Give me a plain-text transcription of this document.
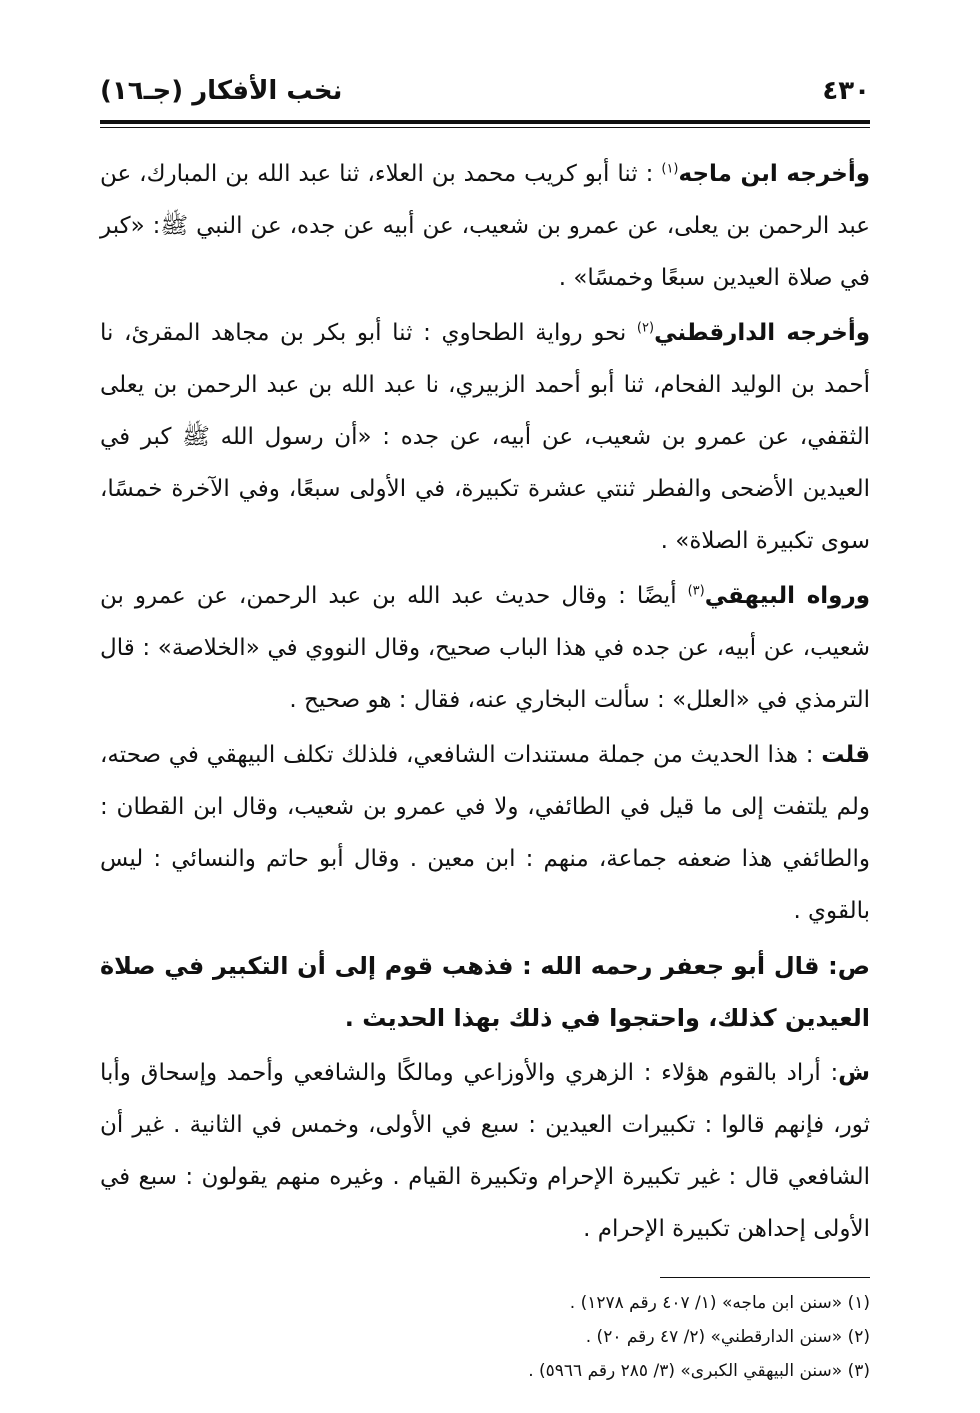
٤٣٠
نخب الأفكار (جـ١٦)

وأخرجه ابن ماجه$^{(١)}$ : ثنا أبو كريب محمد بن العلاء، ثنا عبد الله بن المبارك، عن عبد الرحمن بن يعلى، عن عمرو بن شعيب، عن أبيه عن جده، عن النبي ﷺ: «كبر في صلاة العيدين سبعًا وخمسًا» .

وأخرجه الدارقطني$^{(٢)}$ نحو رواية الطحاوي : ثنا أبو بكر بن مجاهد المقرئ، نا أحمد بن الوليد الفحام، ثنا أبو أحمد الزبيري، نا عبد الله بن عبد الرحمن بن يعلى الثقفي، عن عمرو بن شعيب، عن أبيه، عن جده : «أن رسول الله ﷺ كبر في العيدين الأضحى والفطر ثنتي عشرة تكبيرة، في الأولى سبعًا، وفي الآخرة خمسًا، سوى تكبيرة الصلاة» .

ورواه البيهقي$^{(٣)}$ أيضًا : وقال حديث عبد الله بن عبد الرحمن، عن عمرو بن شعيب، عن أبيه، عن جده في هذا الباب صحيح، وقال النووي في «الخلاصة» : قال الترمذي في «العلل» : سألت البخاري عنه، فقال : هو صحيح .

قلت : هذا الحديث من جملة مستندات الشافعي، فلذلك تكلف البيهقي في صحته، ولم يلتفت إلى ما قيل في الطائفي، ولا في عمرو بن شعيب، وقال ابن القطان : والطائفي هذا ضعفه جماعة، منهم : ابن معين . وقال أبو حاتم والنسائي : ليس بالقوي .

ص: قال أبو جعفر رحمه الله : فذهب قوم إلى أن التكبير في صلاة العيدين كذلك، واحتجوا في ذلك بهذا الحديث .

ش: أراد بالقوم هؤلاء : الزهري والأوزاعي ومالكًا والشافعي وأحمد وإسحاق وأبا ثور، فإنهم قالوا : تكبيرات العيدين : سبع في الأولى، وخمس في الثانية . غير أن الشافعي قال : غير تكبيرة الإحرام وتكبيرة القيام . وغيره منهم يقولون : سبع في الأولى إحداهن تكبيرة الإحرام .

(١) «سنن ابن ماجه» (١/ ٤٠٧ رقم ١٢٧٨) .

(٢) «سنن الدارقطني» (٢/ ٤٧ رقم ٢٠) .

(٣) «سنن البيهقي الكبرى» (٣/ ٢٨٥ رقم ٥٩٦٦) .
